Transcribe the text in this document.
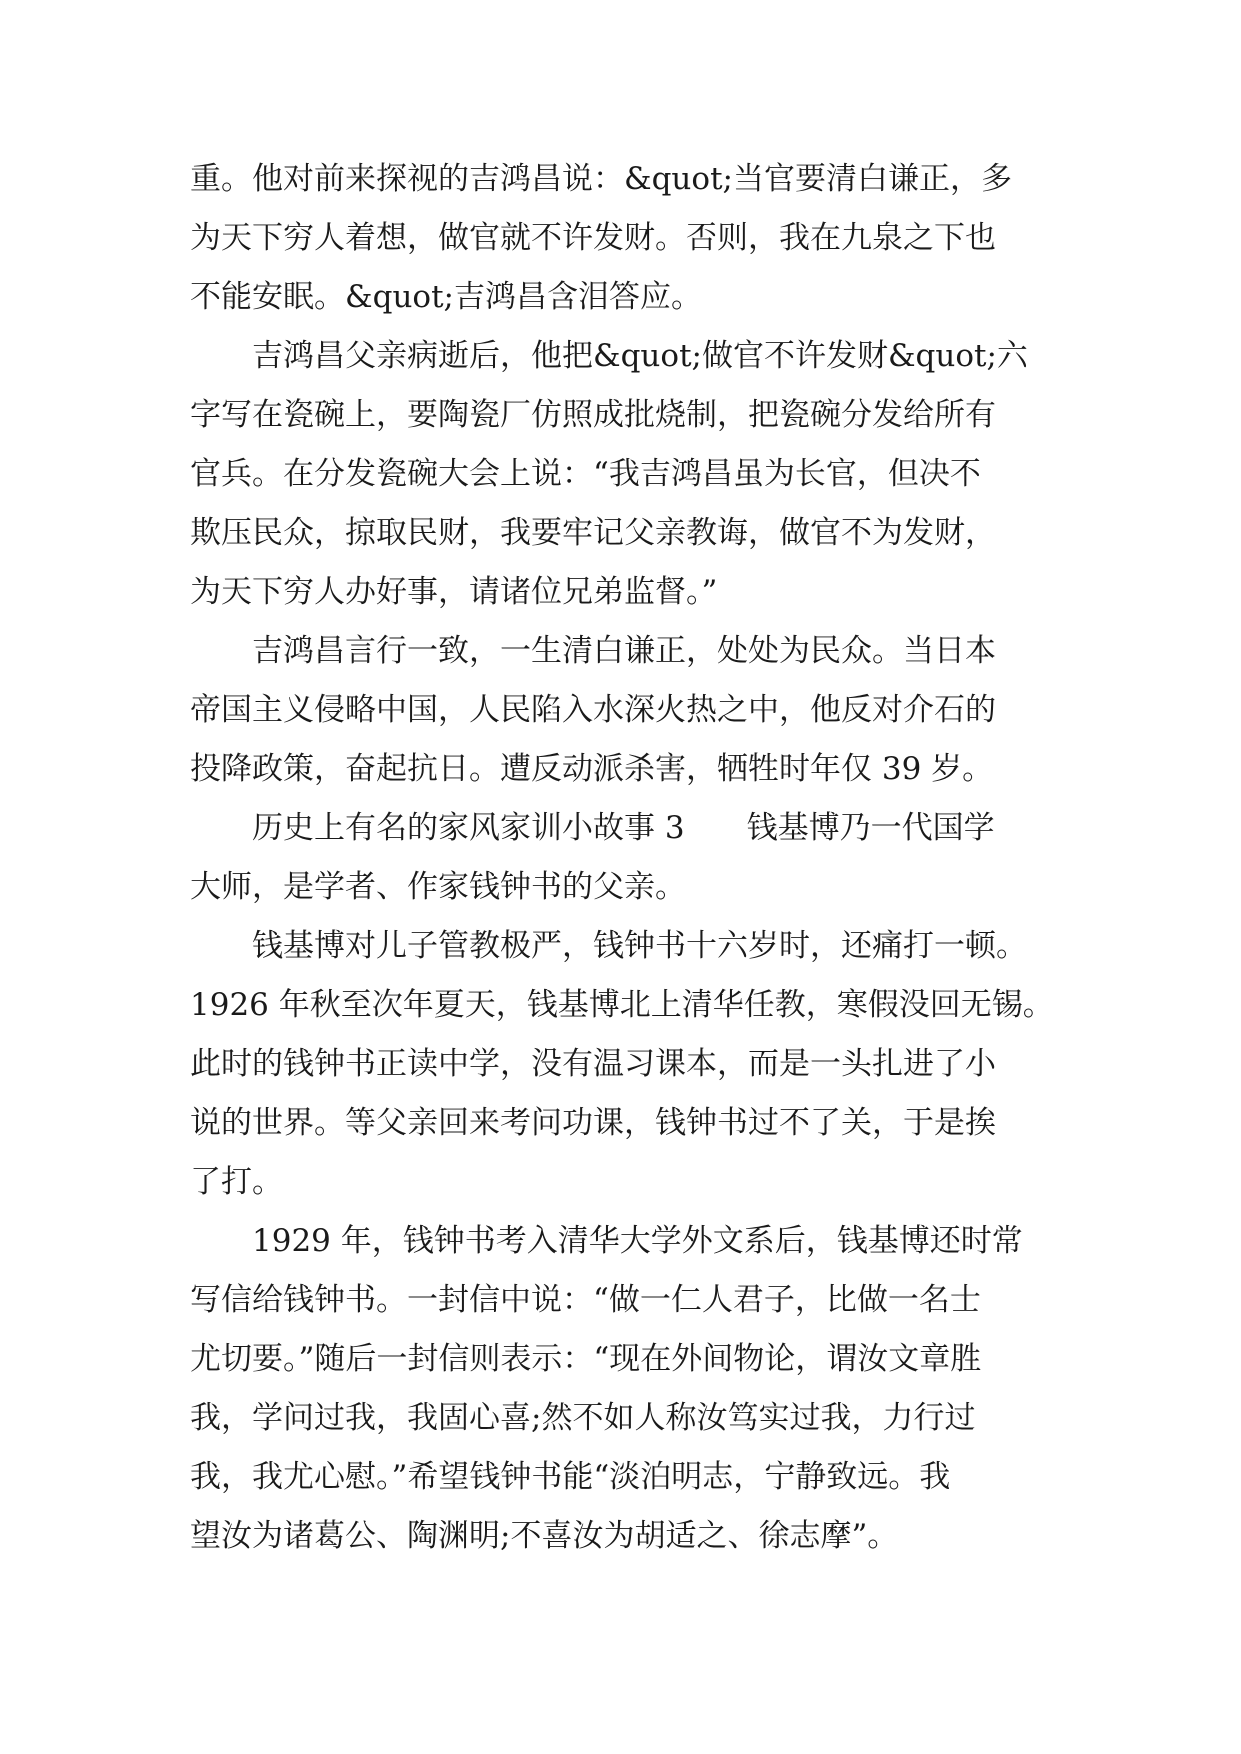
重。他对前来探视的吉鸿昌说：&quot;当官要清白谦正，多
为天下穷人着想，做官就不许发财。否则，我在九泉之下也
不能安眠。&quot;吉鸿昌含泪答应。
吉鸿昌父亲病逝后，他把&quot;做官不许发财&quot;六
字写在瓷碗上，要陶瓷厂仿照成批烧制，把瓷碗分发给所有
官兵。在分发瓷碗大会上说：“我吉鸿昌虽为长官，但决不
欺压民众，掠取民财，我要牢记父亲教诲，做官不为发财，
为天下穷人办好事，请诸位兄弟监督。”
吉鸿昌言行一致，一生清白谦正，处处为民众。当日本
帝国主义侵略中国，人民陷入水深火热之中，他反对介石的
投降政策，奋起抗日。遭反动派杀害，牺牲时年仅 39 岁。
历史上有名的家风家训小故事 3　　钱基博乃一代国学
大师，是学者、作家钱钟书的父亲。
钱基博对儿子管教极严，钱钟书十六岁时，还痛打一顿。
1926 年秋至次年夏天，钱基博北上清华任教，寒假没回无锡。
此时的钱钟书正读中学，没有温习课本，而是一头扎进了小
说的世界。等父亲回来考问功课，钱钟书过不了关，于是挨
了打。
1929 年，钱钟书考入清华大学外文系后，钱基博还时常
写信给钱钟书。一封信中说：“做一仁人君子，比做一名士
尤切要。”随后一封信则表示：“现在外间物论，谓汝文章胜
我，学问过我，我固心喜;然不如人称汝笃实过我，力行过
我，我尤心慰。”希望钱钟书能“淡泊明志，宁静致远。我
望汝为诸葛公、陶渊明;不喜汝为胡适之、徐志摩”。
